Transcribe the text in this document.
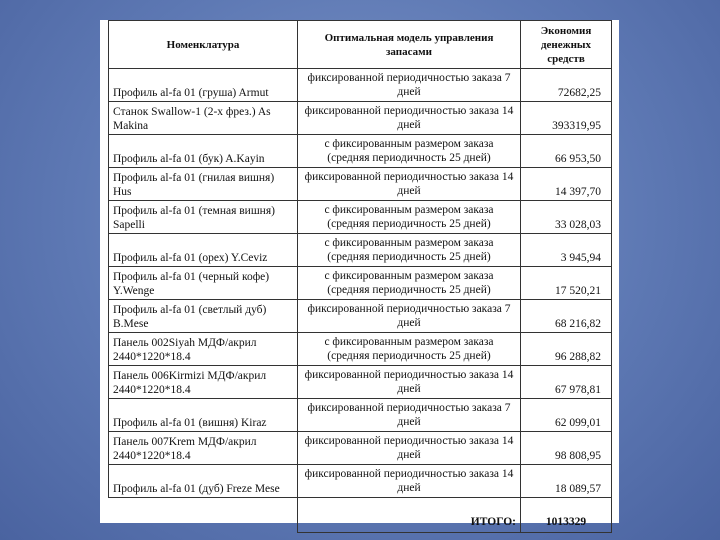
Номенклатура	Оптимальная модель управления запасами	Экономия денежных средств
Профиль al-fa 01 (груша) Armut	фиксированной периодичностью заказа 7 дней	72682,25
Станок Swallow-1 (2-х фрез.) As Makina	фиксированной периодичностью заказа 14 дней	393319,95
Профиль al-fa 01 (бук) A.Kayin	с фиксированным размером заказа (средняя периодичность 25 дней)	66 953,50
Профиль al-fa 01 (гнилая вишня) Hus	фиксированной периодичностью заказа 14 дней	14 397,70
Профиль al-fa 01 (темная вишня) Sapelli	с фиксированным размером заказа (средняя периодичность 25 дней)	33 028,03
Профиль al-fa 01 (орех) Y.Ceviz	с фиксированным размером заказа (средняя периодичность 25 дней)	3 945,94
Профиль al-fa 01 (черный кофе) Y.Wenge	с фиксированным размером заказа (средняя периодичность 25 дней)	17 520,21
Профиль al-fa 01 (светлый дуб) B.Mese	фиксированной периодичностью заказа 7 дней	68 216,82
Панель 002Siyah МДФ/акрил 2440*1220*18.4	с фиксированным размером заказа (средняя периодичность 25 дней)	96 288,82
Панель 006Kirmizi МДФ/акрил 2440*1220*18.4	фиксированной периодичностью заказа 14 дней	67 978,81
Профиль al-fa 01 (вишня) Kiraz	фиксированной периодичностью заказа 7 дней	62 099,01
Панель 007Krem МДФ/акрил 2440*1220*18.4	фиксированной периодичностью заказа 14 дней	98 808,95
Профиль al-fa 01 (дуб) Freze Mese	фиксированной периодичностью заказа 14 дней	18 089,57
	ИТОГО:	1013329
